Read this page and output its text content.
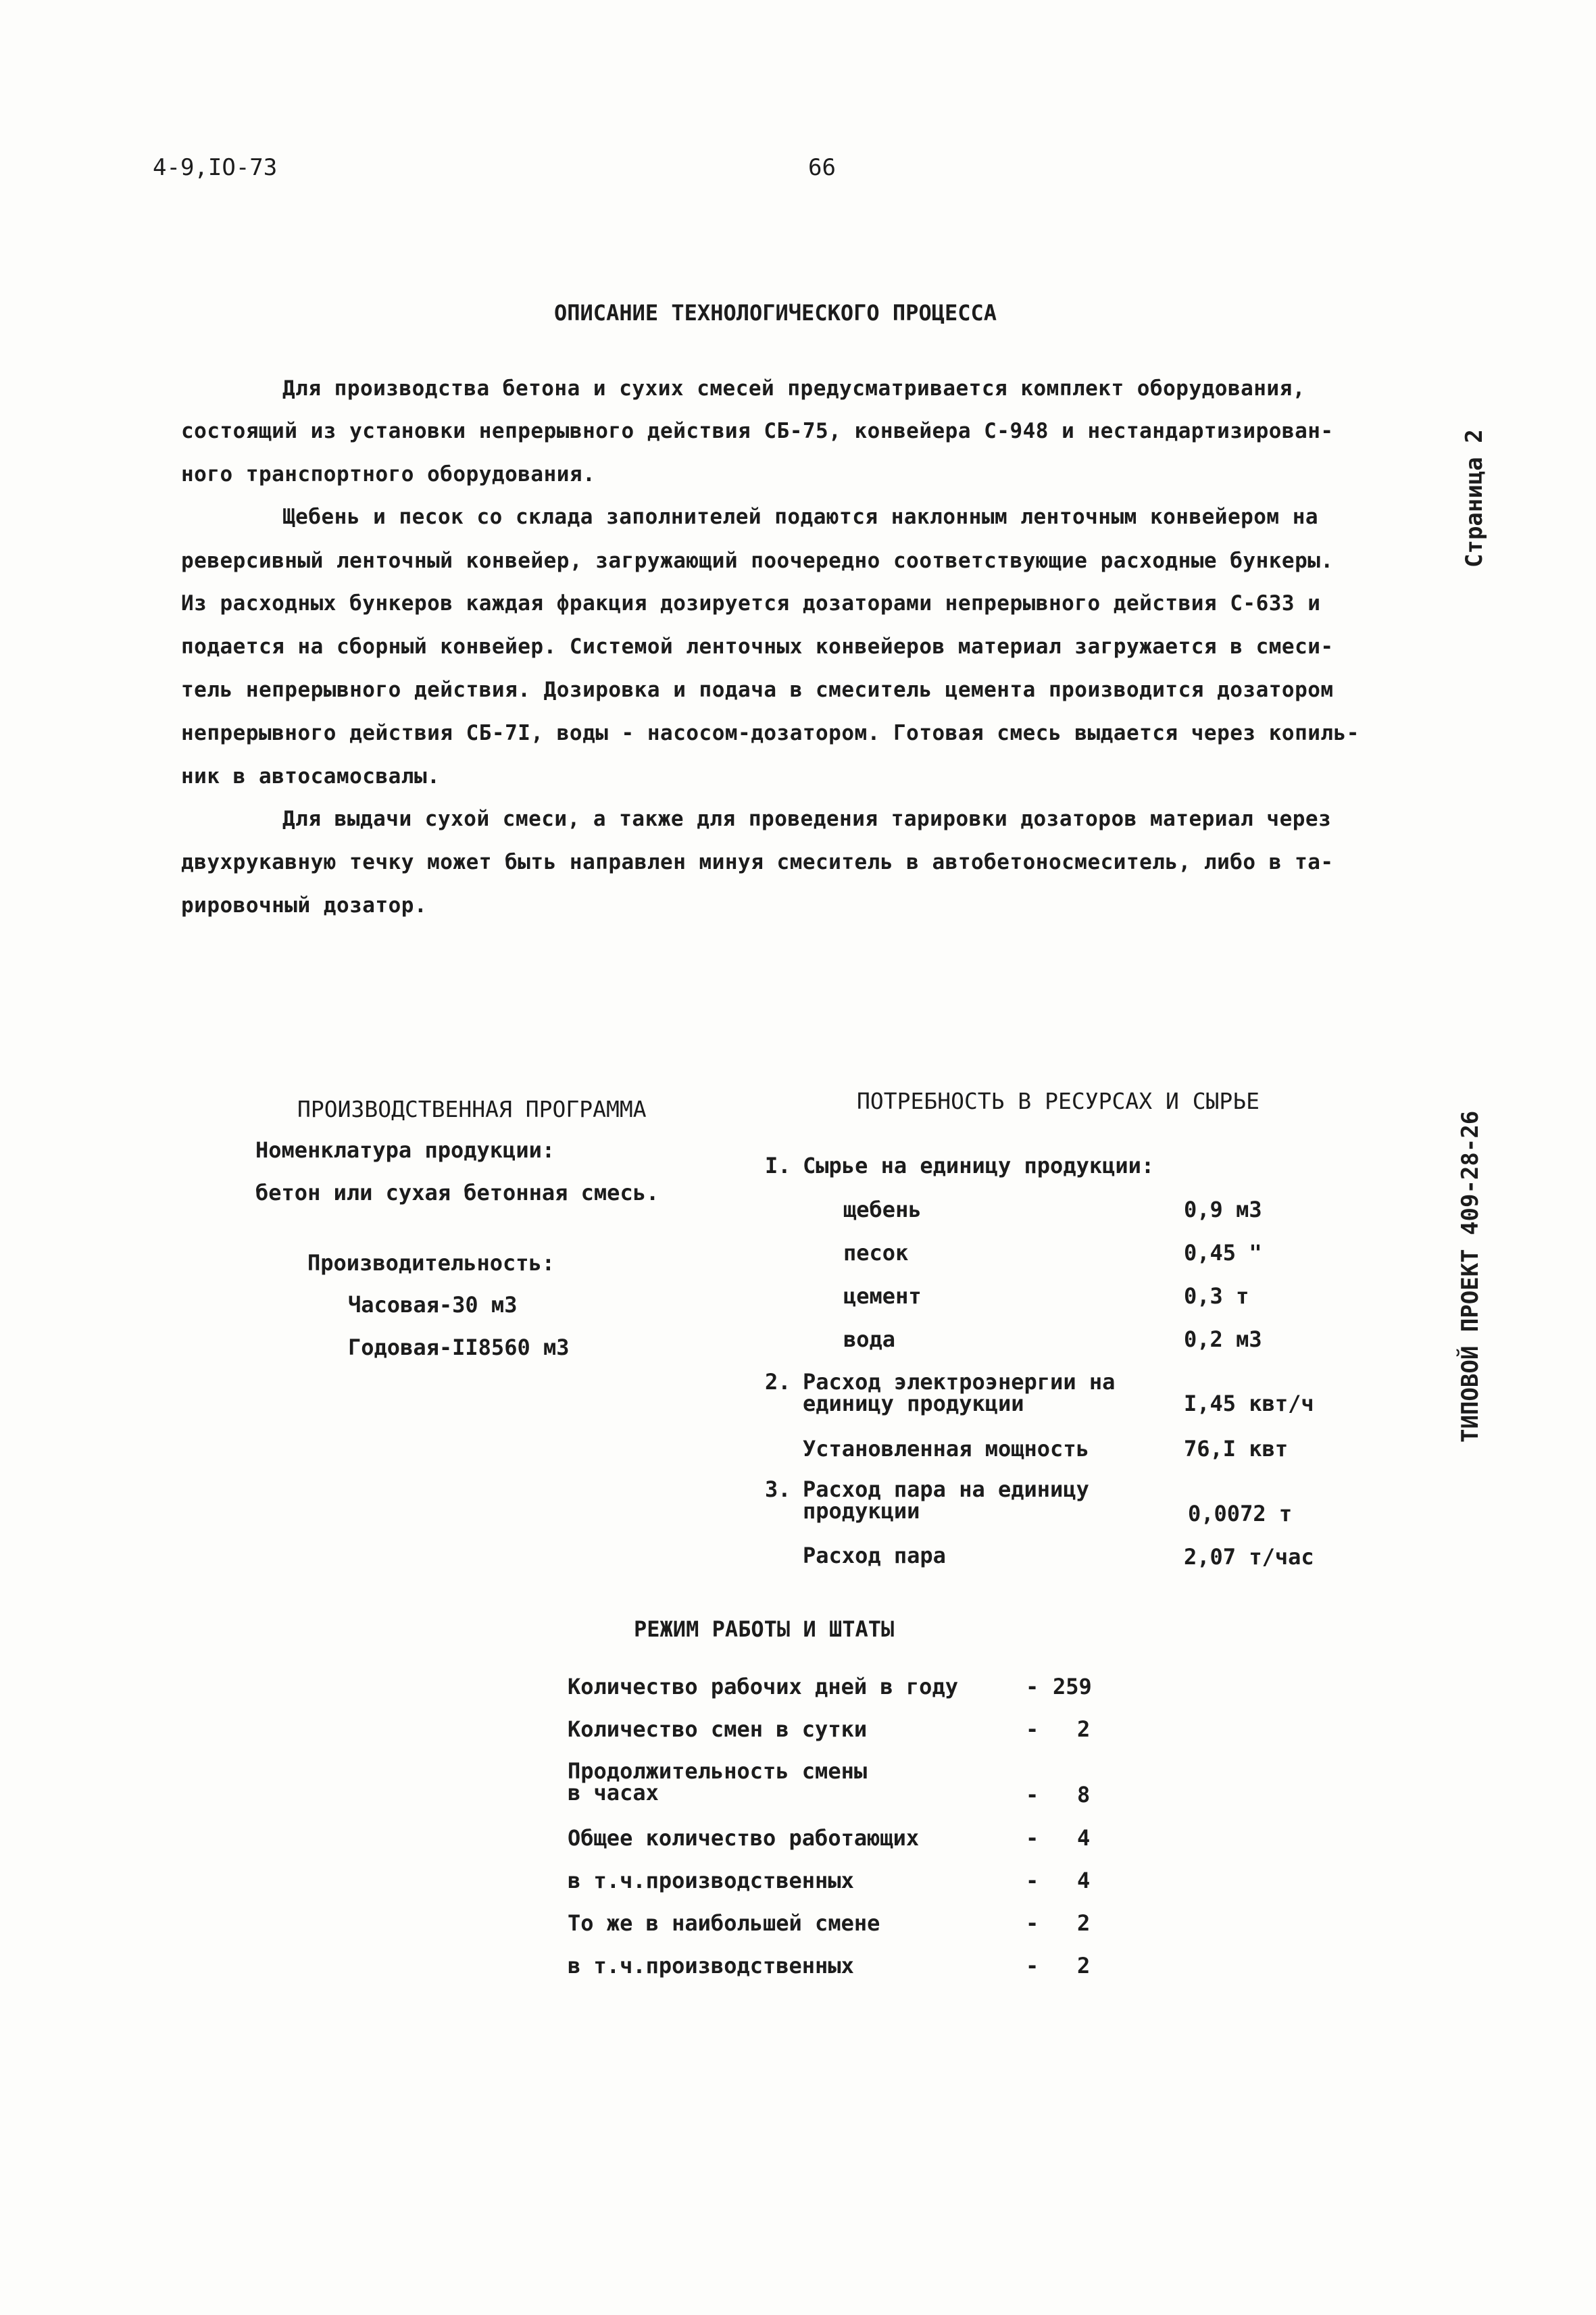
4-9,IO-73	66
Страница 2
ТИПОВОЙ ПРОЕКТ 409-28-26
ОПИСАНИЕ ТЕХНОЛОГИЧЕСКОГО ПРОЦЕССА
Для производства бетона и сухих смесей предусматривается комплект оборудования,
состоящий из установки непрерывного действия СБ-75, конвейера С-948 и нестандартизирован-
ного транспортного оборудования.
Щебень и песок со склада заполнителей подаются наклонным ленточным конвейером на
реверсивный ленточный конвейер, загружающий поочередно соответствующие расходные бункеры.
Из расходных бункеров каждая фракция дозируется дозаторами непрерывного действия С-633 и
подается на сборный конвейер. Системой ленточных конвейеров материал загружается в смеси-
тель непрерывного действия. Дозировка и подача в смеситель цемента производится дозатором
непрерывного действия СБ-7I, воды - насосом-дозатором. Готовая смесь выдается через копиль-
ник в автосамосвалы.
Для выдачи сухой смеси, а также для проведения тарировки дозаторов материал через
двухрукавную течку может быть направлен минуя смеситель в автобетоносмеситель, либо в та-
рировочный дозатор.
ПРОИЗВОДСТВЕННАЯ ПРОГРАММА
Номенклатура продукции:
бетон или сухая бетонная смесь.
Производительность:
Часовая-30 м3
Годовая-II8560 м3
ПОТРЕБНОСТЬ В РЕСУРСАХ И СЫРЬЕ
I. Сырье на единицу продукции:
щебень	0,9 м3
песок	0,45 "
цемент	0,3 т
вода	0,2 м3
2. Расход электроэнергии на
единицу продукции	I,45 квт/ч
Установленная мощность	76,I квт
3. Расход пара на единицу
продукции	0,0072 т
Расход пара	2,07 т/час
РЕЖИМ РАБОТЫ И ШТАТЫ
Количество рабочих дней в году	- 259
Количество смен в сутки	- 2
Продолжительность смены
в часах	- 8
Общее количество работающих	- 4
в т.ч.производственных	- 4
То же в наибольшей смене	- 2
в т.ч.производственных	- 2
